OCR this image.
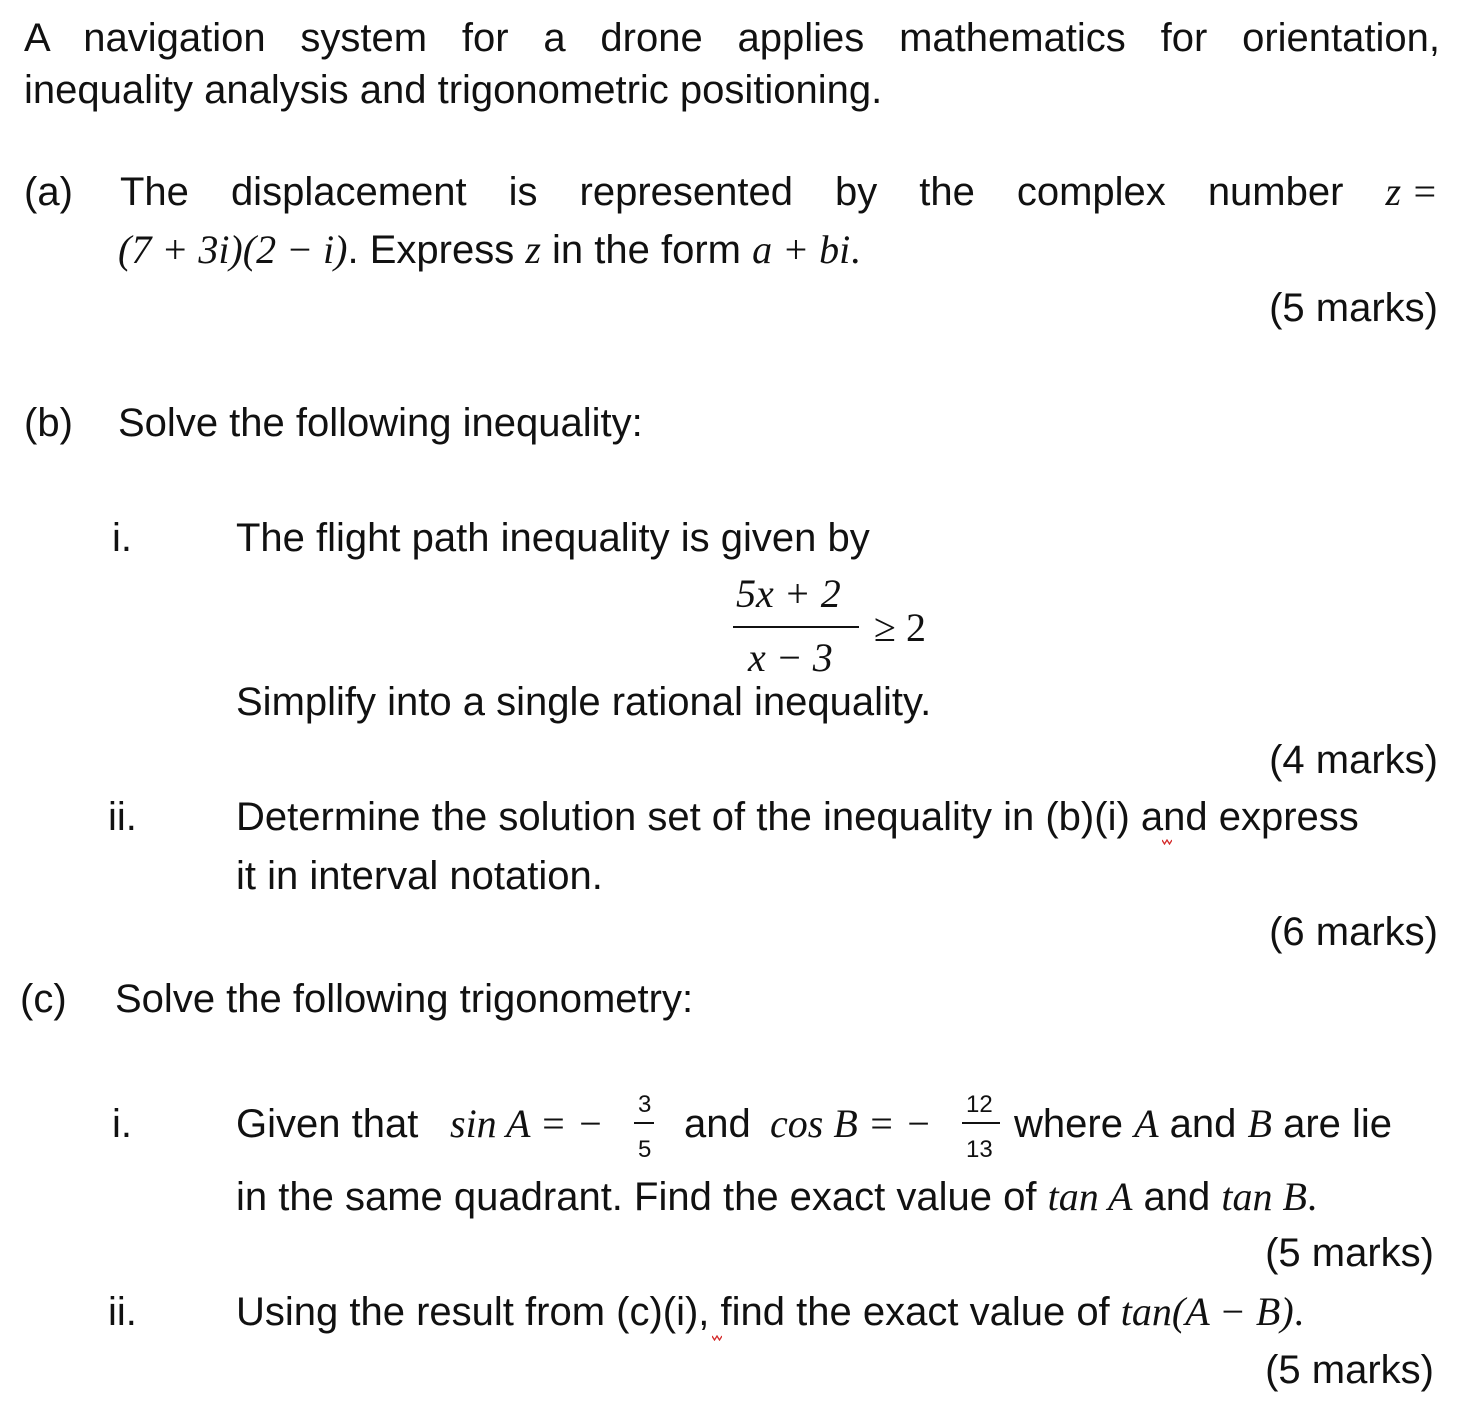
A navigation system for a drone applies mathematics for orientation,
inequality analysis and trigonometric positioning.
(a) The displacement is represented by the complex number z =
(7 + 3i)(2 − i). Express z in the form a + bi.
(5 marks)
(b) Solve the following inequality:
i.	The flight path inequality is given by
5x + 2
x − 3
≥ 2
Simplify into a single rational inequality.
(4 marks)
ii. Determine the solution set of the inequality in (b)(i) and express
it in interval notation.
(6 marks)
(c) Solve the following trigonometry:
i.	Given that sin A = − 3
5
and cos B = − 12
13
where A and B are lie
in the same quadrant. Find the exact value of tan A and tan B.
(5 marks)
ii. Using the result from (c)(i), find the exact value of tan(A − B).
(5 marks)
